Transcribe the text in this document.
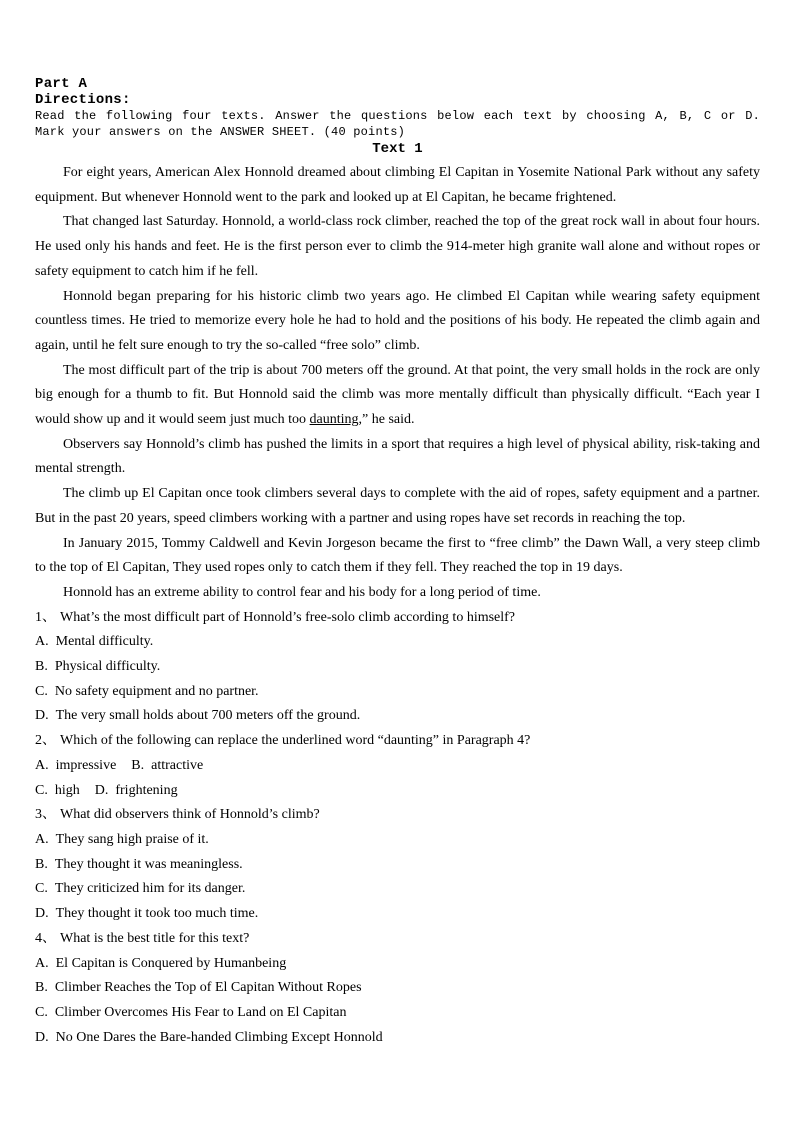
Part A
Directions:
Read the following four texts. Answer the questions below each text by choosing A, B, C or D. Mark your answers on the ANSWER SHEET. (40 points)
Text 1

For eight years, American Alex Honnold dreamed about climbing El Capitan in Yosemite National Park without any safety equipment. But whenever Honnold went to the park and looked up at El Capitan, he became frightened.

That changed last Saturday. Honnold, a world-class rock climber, reached the top of the great rock wall in about four hours. He used only his hands and feet. He is the first person ever to climb the 914-meter high granite wall alone and without ropes or safety equipment to catch him if he fell.

Honnold began preparing for his historic climb two years ago. He climbed El Capitan while wearing safety equipment countless times. He tried to memorize every hole he had to hold and the positions of his body. He repeated the climb again and again, until he felt sure enough to try the so-called “free solo” climb.

The most difficult part of the trip is about 700 meters off the ground. At that point, the very small holds in the rock are only big enough for a thumb to fit. But Honnold said the climb was more mentally difficult than physically difficult. “Each year I would show up and it would seem just much too daunting,” he said.

Observers say Honnold’s climb has pushed the limits in a sport that requires a high level of physical ability, risk-taking and mental strength.

The climb up El Capitan once took climbers several days to complete with the aid of ropes, safety equipment and a partner. But in the past 20 years, speed climbers working with a partner and using ropes have set records in reaching the top.

In January 2015, Tommy Caldwell and Kevin Jorgeson became the first to “free climb” the Dawn Wall, a very steep climb to the top of El Capitan, They used ropes only to catch them if they fell. They reached the top in 19 days.

Honnold has an extreme ability to control fear and his body for a long period of time.

1、 What’s the most difficult part of Honnold’s free-solo climb according to himself?
A. Mental difficulty.
B. Physical difficulty.
C. No safety equipment and no partner.
D. The very small holds about 700 meters off the ground.
2、 Which of the following can replace the underlined word “daunting” in Paragraph 4?
A. impressive B. attractive
C. high D. frightening
3、 What did observers think of Honnold’s climb?
A. They sang high praise of it.
B. They thought it was meaningless.
C. They criticized him for its danger.
D. They thought it took too much time.
4、 What is the best title for this text?
A. El Capitan is Conquered by Humanbeing
B. Climber Reaches the Top of El Capitan Without Ropes
C. Climber Overcomes His Fear to Land on El Capitan
D. No One Dares the Bare-handed Climbing Except Honnold
